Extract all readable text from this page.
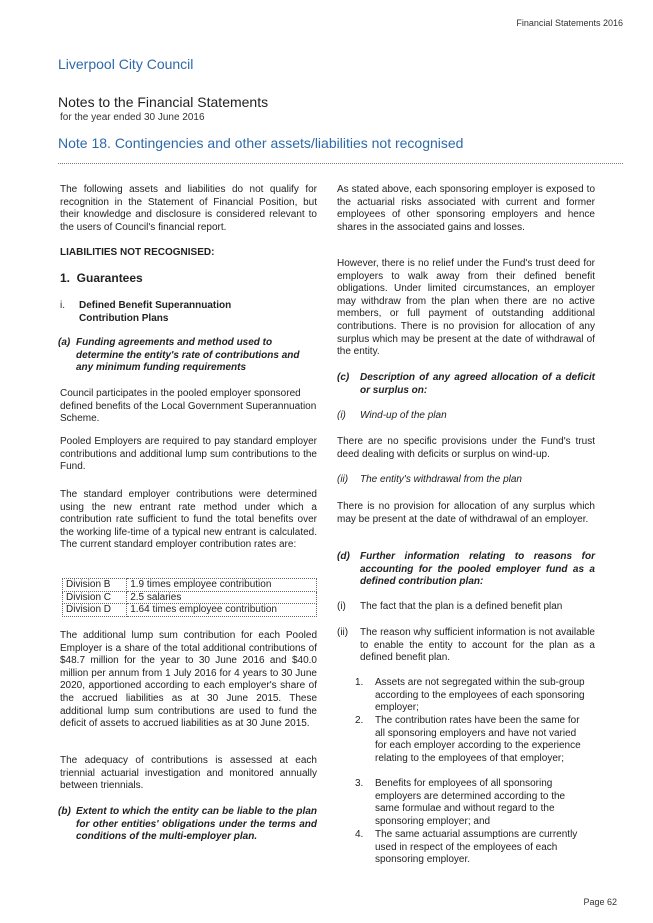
Financial Statements 2016
Liverpool City Council
Notes to the Financial Statements
for the year ended 30 June 2016
Note 18. Contingencies and other assets/liabilities not recognised
The following assets and liabilities do not qualify for recognition in the Statement of Financial Position, but their knowledge and disclosure is considered relevant to the users of Council's financial report.
LIABILITIES NOT RECOGNISED:
1.  Guarantees
i. Defined Benefit Superannuation Contribution Plans
(a) Funding agreements and method used to determine the entity's rate of contributions and any minimum funding requirements
Council participates in the pooled employer sponsored defined benefits of the Local Government Superannuation Scheme.
Pooled Employers are required to pay standard employer contributions and additional lump sum contributions to the Fund.
The standard employer contributions were determined using the new entrant rate method under which a contribution rate sufficient to fund the total benefits over the working life-time of a typical new entrant is calculated. The current standard employer contribution rates are:
Division B	1.9 times employee contribution
Division C	2.5 salaries
Division D	1.64 times employee contribution
The additional lump sum contribution for each Pooled Employer is a share of the total additional contributions of $48.7 million for the year to 30 June 2016 and $40.0 million per annum from 1 July 2016 for 4 years to 30 June 2020, apportioned according to each employer's share of the accrued liabilities as at 30 June 2015. These additional lump sum contributions are used to fund the deficit of assets to accrued liabilities as at 30 June 2015.
The adequacy of contributions is assessed at each triennial actuarial investigation and monitored annually between triennials.
(b) Extent to which the entity can be liable to the plan for other entities' obligations under the terms and conditions of the multi-employer plan.
As stated above, each sponsoring employer is exposed to the actuarial risks associated with current and former employees of other sponsoring employers and hence shares in the associated gains and losses.
However, there is no relief under the Fund's trust deed for employers to walk away from their defined benefit obligations. Under limited circumstances, an employer may withdraw from the plan when there are no active members, or full payment of outstanding additional contributions. There is no provision for allocation of any surplus which may be present at the date of withdrawal of the entity.
(c) Description of any agreed allocation of a deficit or surplus on:
(i) Wind-up of the plan
There are no specific provisions under the Fund's trust deed dealing with deficits or surplus on wind-up.
(ii) The entity's withdrawal from the plan
There is no provision for allocation of any surplus which may be present at the date of withdrawal of an employer.
(d) Further information relating to reasons for accounting for the pooled employer fund as a defined contribution plan:
(i) The fact that the plan is a defined benefit plan
(ii) The reason why sufficient information is not available to enable the entity to account for the plan as a defined benefit plan.
1. Assets are not segregated within the sub-group according to the employees of each sponsoring employer;
2. The contribution rates have been the same for all sponsoring employers and have not varied for each employer according to the experience relating to the employees of that employer;
3. Benefits for employees of all sponsoring employers are determined according to the same formulae and without regard to the sponsoring employer; and
4. The same actuarial assumptions are currently used in respect of the employees of each sponsoring employer.
Page 62
